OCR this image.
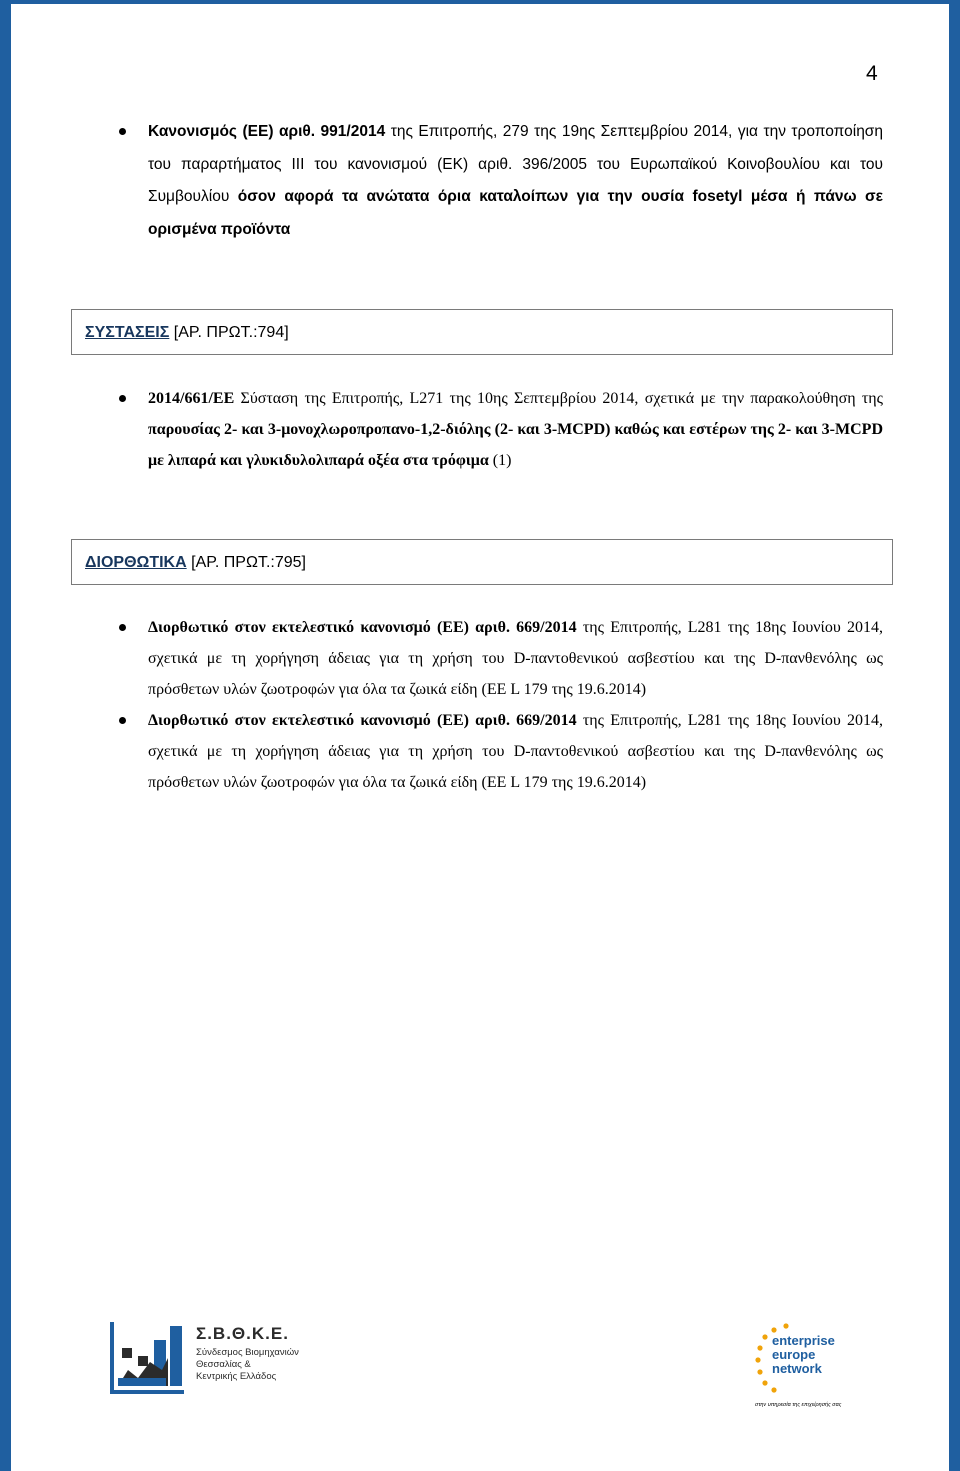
4
Κανονισμός (ΕΕ) αριθ. 991/2014 της Επιτροπής, 279 της 19ης Σεπτεμβρίου 2014, για την τροποποίηση του παραρτήματος III του κανονισμού (ΕΚ) αριθ. 396/2005 του Ευρωπαϊκού Κοινοβουλίου και του Συμβουλίου όσον αφορά τα ανώτατα όρια καταλοίπων για την ουσία fosetyl μέσα ή πάνω σε ορισμένα προϊόντα
ΣΥΣΤΑΣΕΙΣ [ΑΡ. ΠΡΩΤ.:794]
2014/661/ΕΕ Σύσταση της Επιτροπής, L271 της 10ης Σεπτεμβρίου 2014, σχετικά με την παρακολούθηση της παρουσίας 2- και 3-μονοχλωροπροπανο-1,2-διόλης (2- και 3-MCPD) καθώς και εστέρων της 2- και 3-MCPD με λιπαρά και γλυκιδυλολιπαρά οξέα στα τρόφιμα (1)
ΔΙΟΡΘΩΤΙΚΑ [ΑΡ. ΠΡΩΤ.:795]
Διορθωτικό στον εκτελεστικό κανονισμό (ΕΕ) αριθ. 669/2014 της Επιτροπής, L281 της 18ης Ιουνίου 2014, σχετικά με τη χορήγηση άδειας για τη χρήση του D-παντοθενικού ασβεστίου και της D-πανθενόλης ως πρόσθετων υλών ζωοτροφών για όλα τα ζωικά είδη (ΕΕ L 179 της 19.6.2014)
Διορθωτικό στον εκτελεστικό κανονισμό (ΕΕ) αριθ. 669/2014 της Επιτροπής, L281 της 18ης Ιουνίου 2014, σχετικά με τη χορήγηση άδειας για τη χρήση του D-παντοθενικού ασβεστίου και της D-πανθενόλης ως πρόσθετων υλών ζωοτροφών για όλα τα ζωικά είδη (ΕΕ L 179 της 19.6.2014)
Σ.Β.Θ.Κ.Ε.
Σύνδεσμος Βιομηχανιών
Θεσσαλίας &
Κεντρικής Ελλάδος
enterprise
europe
network
στην υπηρεσία της επιχείρησής σας
